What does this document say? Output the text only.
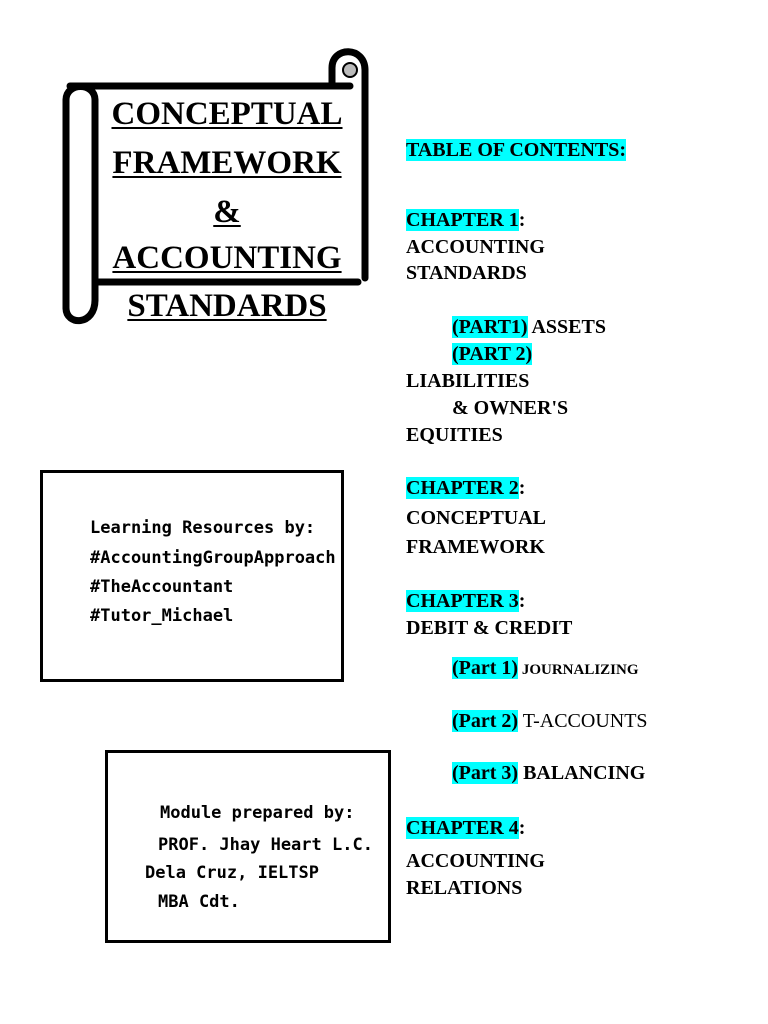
CONCEPTUAL
FRAMEWORK
&
ACCOUNTING
STANDARDS
Learning Resources by:
#AccountingGroupApproach
#TheAccountant
#Tutor_Michael
Module prepared by:
PROF. Jhay Heart L.C.
Dela Cruz, IELTSP
MBA Cdt.
TABLE OF CONTENTS:
CHAPTER 1:
ACCOUNTING
STANDARDS
(PART1) ASSETS
(PART 2)
LIABILITIES
& OWNER'S
EQUITIES
CHAPTER 2:
CONCEPTUAL
FRAMEWORK
CHAPTER 3:
DEBIT & CREDIT
(Part 1) JOURNALIZING
(Part 2) T-ACCOUNTS
(Part 3) BALANCING
CHAPTER 4:
ACCOUNTING
RELATIONS
